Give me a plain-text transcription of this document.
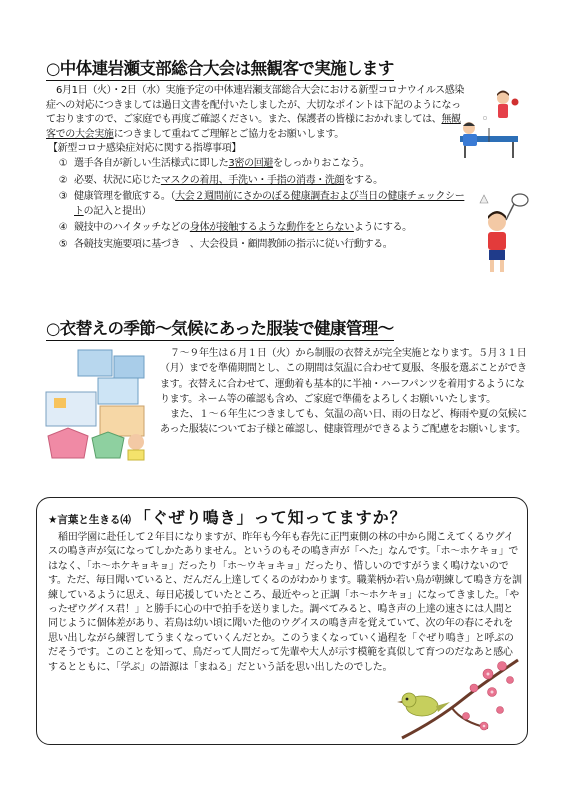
○中体連岩瀬支部総合大会は無観客で実施します

6月1日（火）・2日（水）実施予定の中体連岩瀬支部総合大会における新型コロナウイルス感染症への対応につきましては過日文書を配付いたしましたが、大切なポイントは下記のようになっておりますので、ご家庭でも再度ご確認ください。また、保護者の皆様におかれましては、無観客での大会実施につきまして重ねてご理解とご協力をお願いします。

【新型コロナ感染症対応に関する指導事項】

① 選手各自が新しい生活様式に即した3密の回避をしっかりおこなう。
② 必要、状況に応じたマスクの着用、手洗い・手指の消毒・洗顔をする。
③ 健康管理を徹底する。（大会２週間前にさかのぼる健康調査および当日の健康チェックシートの記入と提出）
④ 競技中のハイタッチなどの身体が接触するような動作をとらないようにする。
⑤ 各競技実施要項に基づき　、大会役員・顧問教師の指示に従い行動する。
○衣替えの季節～気候にあった服装で健康管理～

７～９年生は６月１日（火）から制服の衣替えが完全実施となります。５月３１日（月）までを準備期間とし、この期間は気温に合わせて夏服、冬服を選ぶことができます。衣替えに合わせて、運動着も基本的に半袖・ハーフパンツを着用するようになります。ネーム等の確認も含め、ご家庭で準備をよろしくお願いいたします。

また、１～６年生につきましても、気温の高い日、雨の日など、梅雨や夏の気候にあった服装についてお子様と確認し、健康管理ができるようご配慮をお願いします。

★言葉と生きる⑷ 「ぐぜり鳴き」って知ってますか？

稲田学園に赴任して２年目になりますが、昨年も今年も春先に正門東側の林の中から聞こえてくるウグイスの鳴き声が気になってしかたありません。というのもその鳴き声が「へた」なんです。「ホ～ホケキョ」ではなく、「ホ～ホケキョキョ」だったり「ホ～ウキョキョ」だったり、惜しいのですがうまく鳴けないのです。ただ、毎日聞いていると、だんだん上達してくるのがわかります。職業柄か若い鳥が朝練して鳴き方を訓練しているように思え、毎日応援していたところ、最近やっと正調「ホ～ホケキョ」になってきました。「やったぜウグイス君！」と勝手に心の中で拍手を送りました。調べてみると、鳴き声の上達の速さには人間と同じように個体差があり、若鳥は幼い頃に聞いた他のウグイスの鳴き声を覚えていて、次の年の春にそれを思い出しながら練習してうまくなっていくんだとか。このうまくなっていく過程を「ぐぜり鳴き」と呼ぶのだそうです。このことを知って、鳥だって人間だって先輩や大人が示す模範を真似して育つのだなあと感心するとともに、「学ぶ」の語源は「まねる」だという話を思い出したのでした。
